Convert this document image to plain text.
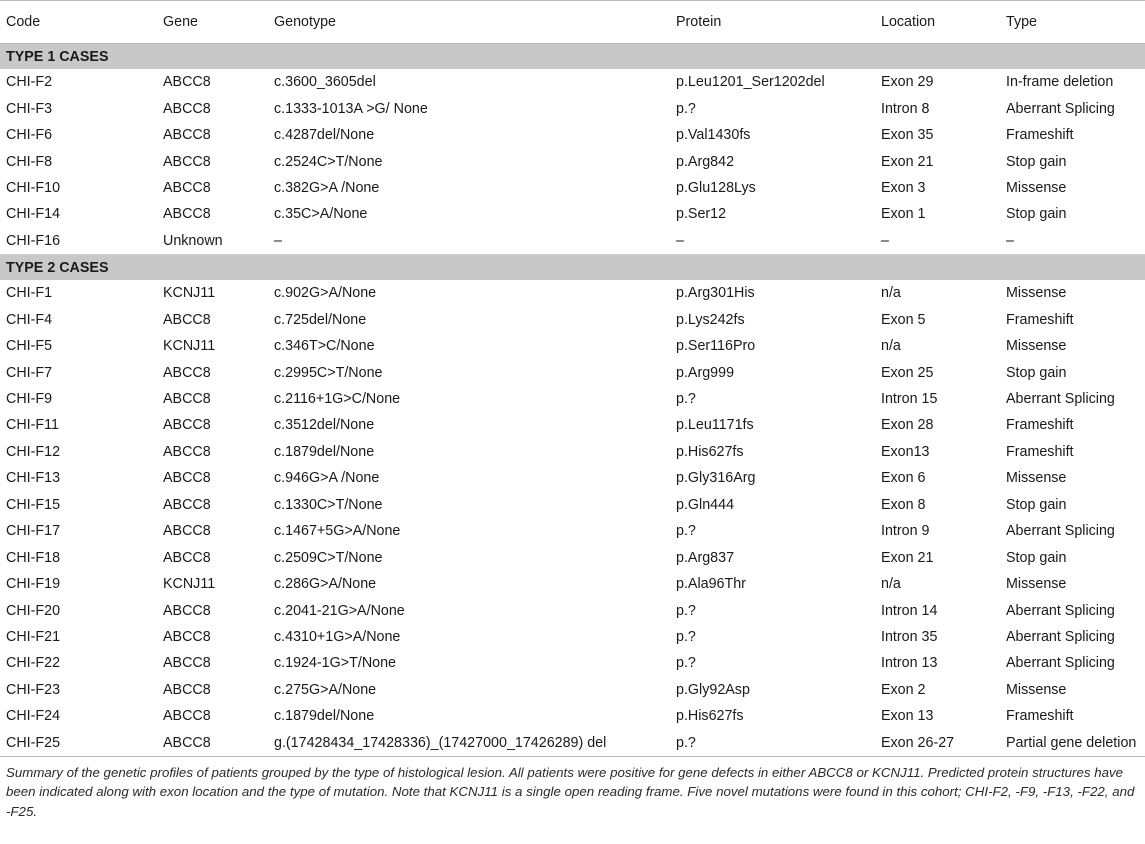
Code	Gene	Genotype	Protein	Location	Type
TYPE 1 CASES					
CHI-F2	ABCC8	c.3600_3605del	p.Leu1201_Ser1202del	Exon 29	In-frame deletion
CHI-F3	ABCC8	c.1333-1013A >G/ None	p.?	Intron 8	Aberrant Splicing
CHI-F6	ABCC8	c.4287del/None	p.Val1430fs	Exon 35	Frameshift
CHI-F8	ABCC8	c.2524C>T/None	p.Arg842	Exon 21	Stop gain
CHI-F10	ABCC8	c.382G>A /None	p.Glu128Lys	Exon 3	Missense
CHI-F14	ABCC8	c.35C>A/None	p.Ser12	Exon 1	Stop gain
CHI-F16	Unknown	–	–	–	–
TYPE 2 CASES					
CHI-F1	KCNJ11	c.902G>A/None	p.Arg301His	n/a	Missense
CHI-F4	ABCC8	c.725del/None	p.Lys242fs	Exon 5	Frameshift
CHI-F5	KCNJ11	c.346T>C/None	p.Ser116Pro	n/a	Missense
CHI-F7	ABCC8	c.2995C>T/None	p.Arg999	Exon 25	Stop gain
CHI-F9	ABCC8	c.2116+1G>C/None	p.?	Intron 15	Aberrant Splicing
CHI-F11	ABCC8	c.3512del/None	p.Leu1171fs	Exon 28	Frameshift
CHI-F12	ABCC8	c.1879del/None	p.His627fs	Exon13	Frameshift
CHI-F13	ABCC8	c.946G>A /None	p.Gly316Arg	Exon 6	Missense
CHI-F15	ABCC8	c.1330C>T/None	p.Gln444	Exon 8	Stop gain
CHI-F17	ABCC8	c.1467+5G>A/None	p.?	Intron 9	Aberrant Splicing
CHI-F18	ABCC8	c.2509C>T/None	p.Arg837	Exon 21	Stop gain
CHI-F19	KCNJ11	c.286G>A/None	p.Ala96Thr	n/a	Missense
CHI-F20	ABCC8	c.2041-21G>A/None	p.?	Intron 14	Aberrant Splicing
CHI-F21	ABCC8	c.4310+1G>A/None	p.?	Intron 35	Aberrant Splicing
CHI-F22	ABCC8	c.1924-1G>T/None	p.?	Intron 13	Aberrant Splicing
CHI-F23	ABCC8	c.275G>A/None	p.Gly92Asp	Exon 2	Missense
CHI-F24	ABCC8	c.1879del/None	p.His627fs	Exon 13	Frameshift
CHI-F25	ABCC8	g.(17428434_17428336)_(17427000_17426289) del	p.?	Exon 26-27	Partial gene deletion
Summary of the genetic profiles of patients grouped by the type of histological lesion. All patients were positive for gene defects in either ABCC8 or KCNJ11. Predicted protein structures have been indicated along with exon location and the type of mutation. Note that KCNJ11 is a single open reading frame. Five novel mutations were found in this cohort; CHI-F2, -F9, -F13, -F22, and -F25.
